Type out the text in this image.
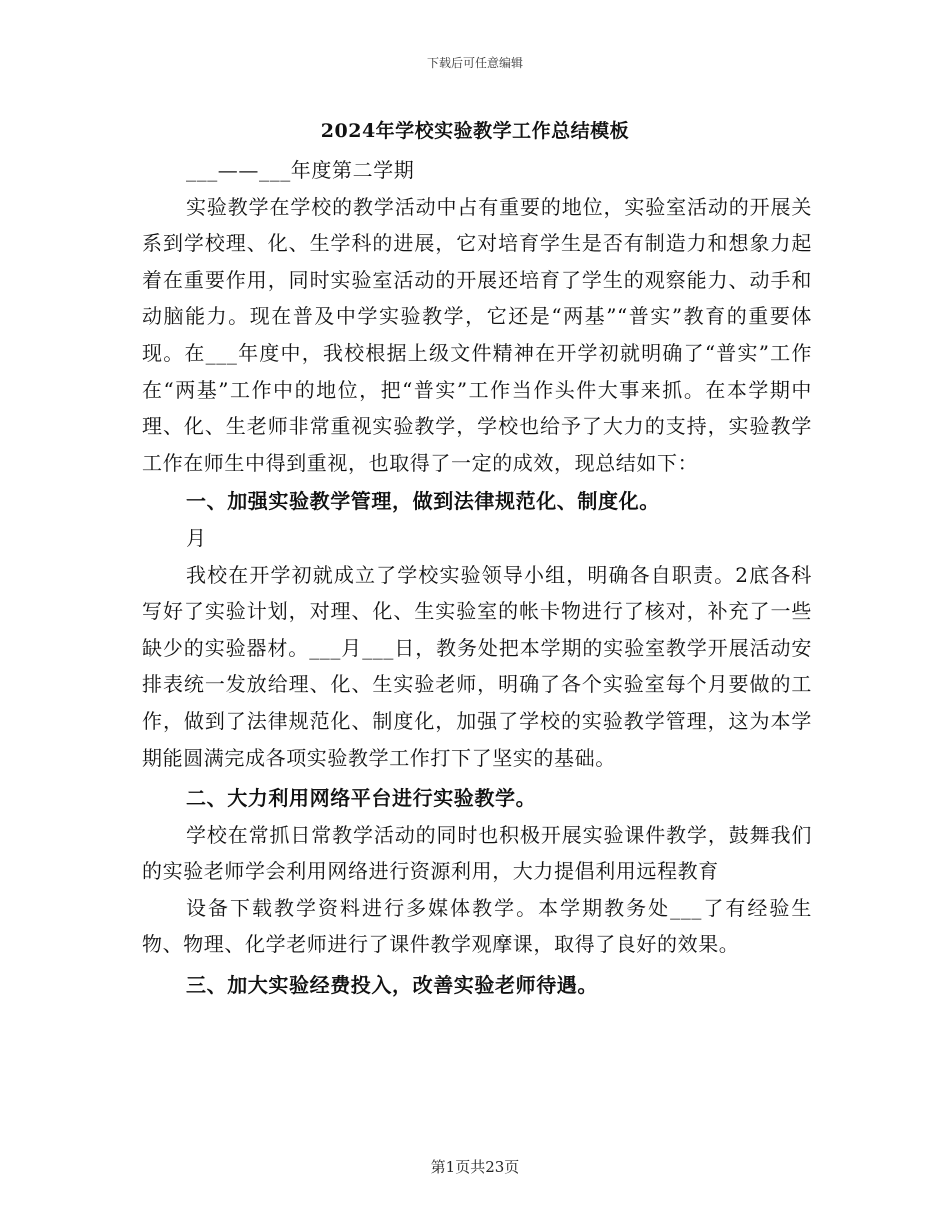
下载后可任意编辑
2024年学校实验教学工作总结模板

___——___年度第二学期

实验教学在学校的教学活动中占有重要的地位，实验室活动的开展关系到学校理、化、生学科的进展，它对培育学生是否有制造力和想象力起着在重要作用，同时实验室活动的开展还培育了学生的观察能力、动手和动脑能力。现在普及中学实验教学，它还是“两基”“普实”教育的重要体现。在___年度中，我校根据上级文件精神在开学初就明确了“普实”工作在“两基”工作中的地位，把“普实”工作当作头件大事来抓。在本学期中理、化、生老师非常重视实验教学，学校也给予了大力的支持，实验教学工作在师生中得到重视，也取得了一定的成效，现总结如下：

一、加强实验教学管理，做到法律规范化、制度化。

月

我校在开学初就成立了学校实验领导小组，明确各自职责。2底各科写好了实验计划，对理、化、生实验室的帐卡物进行了核对，补充了一些缺少的实验器材。___月___日，教务处把本学期的实验室教学开展活动安排表统一发放给理、化、生实验老师，明确了各个实验室每个月要做的工作，做到了法律规范化、制度化，加强了学校的实验教学管理，这为本学期能圆满完成各项实验教学工作打下了坚实的基础。

二、大力利用网络平台进行实验教学。

学校在常抓日常教学活动的同时也积极开展实验课件教学，鼓舞我们的实验老师学会利用网络进行资源利用，大力提倡利用远程教育

设备下载教学资料进行多媒体教学。本学期教务处___了有经验生物、物理、化学老师进行了课件教学观摩课，取得了良好的效果。

三、加大实验经费投入，改善实验老师待遇。

第1页共23页
